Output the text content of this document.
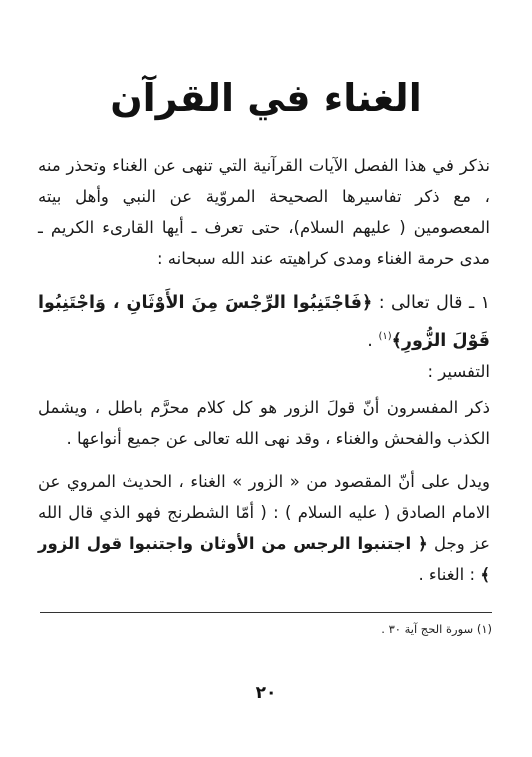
الغناء في القرآن
نذكر في هذا الفصل الآيات القرآنية التي تنهى عن الغناء وتحذر منه ، مع ذكر تفاسيرها الصحيحة المروّية عن النبي وأهل بيته المعصومين ( عليهم السلام)، حتى تعرف ـ أيها القارىء الكريم ـ مدى حرمة الغناء ومدى كراهيته عند الله سبحانه :
١ ـ قال تعالى : ﴿فَاجْتَنِبُوا الرِّجْسَ مِنَ الأَوْثَانِ ، وَاجْتَنِبُوا قَوْلَ الزُّورِ﴾$^{(١)}$ .
التفسير :
ذكر المفسرون أنّ قولَ الزور هو كل كلام محرَّم باطل ، ويشمل الكذب والفحش والغناء ، وقد نهى الله تعالى عن جميع أنواعها .
ويدل على أنّ المقصود من « الزور » الغناء ، الحديث المروي عن الامام الصادق ( عليه السلام ) : ( أمّا الشطرنج فهو الذي قال الله عز وجل ﴿ اجتنبوا الرجس من الأوثان واجتنبوا قول الزور ﴾ : الغناء .
(١) سورة الحج آية ٣٠ .
٢٠
